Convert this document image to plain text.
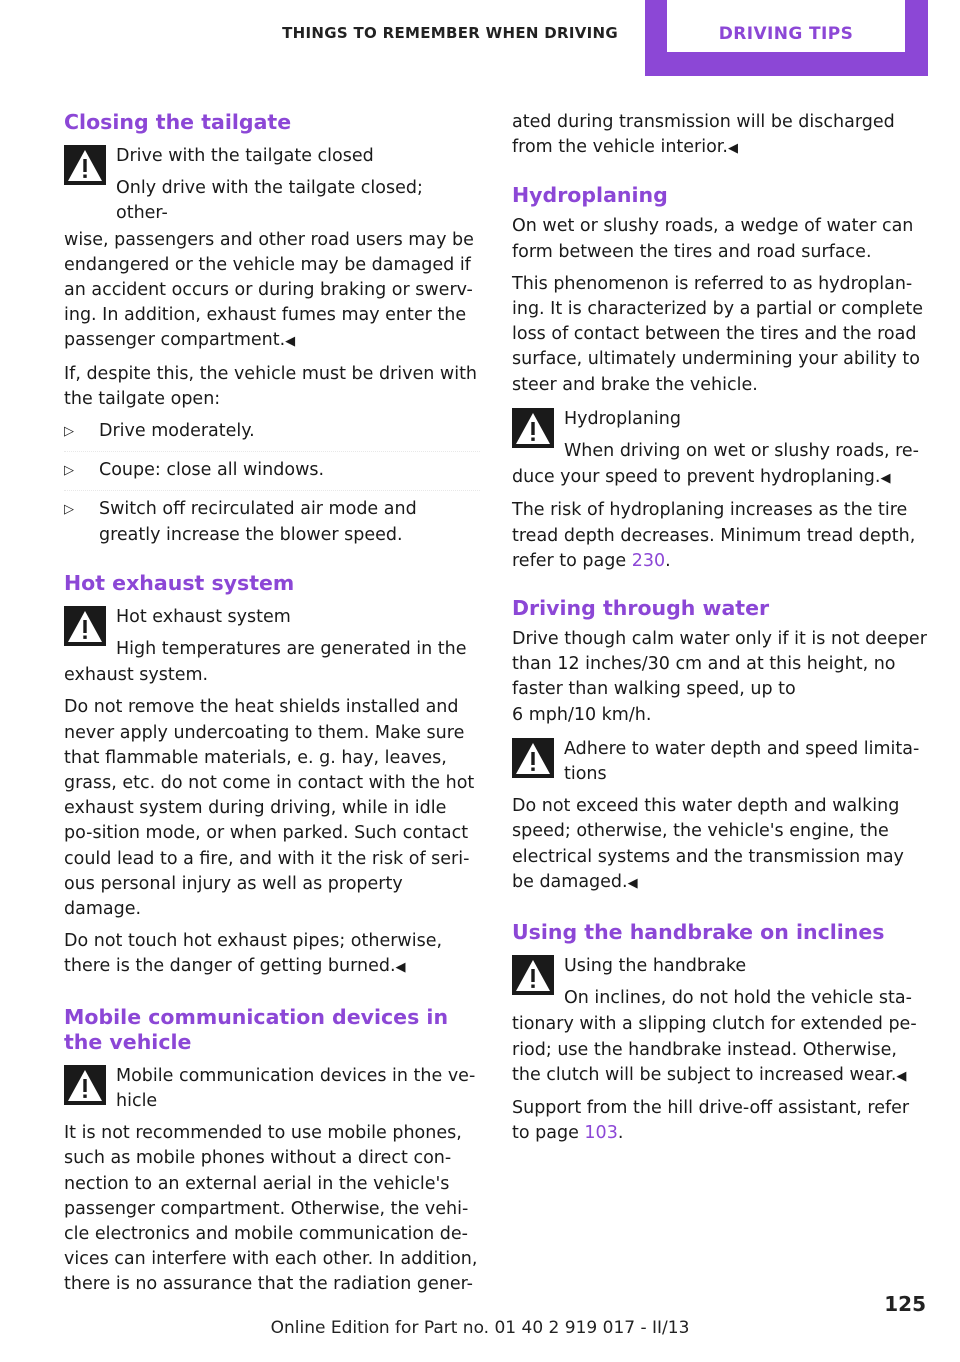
THINGS TO REMEMBER WHEN DRIVING	DRIVING TIPS
Closing the tailgate
Drive with the tailgate closed
Only drive with the tailgate closed; other-

wise, passengers and other road users may be endangered or the vehicle may be damaged if an accident occurs or during braking or swerv-ing. In addition, exhaust fumes may enter the passenger compartment.◀

If, despite this, the vehicle must be driven with the tailgate open:

▷ Drive moderately.
▷ Coupe: close all windows.
▷ Switch off recirculated air mode and greatly increase the blower speed.
Hot exhaust system
Hot exhaust system
High temperatures are generated in the

exhaust system.

Do not remove the heat shields installed and never apply undercoating to them. Make sure that flammable materials, e. g. hay, leaves, grass, etc. do not come in contact with the hot exhaust system during driving, while in idle po-sition mode, or when parked. Such contact could lead to a fire, and with it the risk of seri-ous personal injury as well as property damage.

Do not touch hot exhaust pipes; otherwise, there is the danger of getting burned.◀

Mobile communication devices in the vehicle
Mobile communication devices in the ve-hicle

It is not recommended to use mobile phones, such as mobile phones without a direct con-nection to an external aerial in the vehicle's passenger compartment. Otherwise, the vehi-cle electronics and mobile communication de-vices can interfere with each other. In addition, there is no assurance that the radiation gener-

ated during transmission will be discharged from the vehicle interior.◀

Hydroplaning

On wet or slushy roads, a wedge of water can form between the tires and road surface.

This phenomenon is referred to as hydroplan-ing. It is characterized by a partial or complete loss of contact between the tires and the road surface, ultimately undermining your ability to steer and brake the vehicle.

Hydroplaning
When driving on wet or slushy roads, re-

duce your speed to prevent hydroplaning.◀

The risk of hydroplaning increases as the tire tread depth decreases. Minimum tread depth, refer to page 230.

Driving through water

Drive though calm water only if it is not deeper than 12 inches/30 cm and at this height, no faster than walking speed, up to
6 mph/10 km/h.

Adhere to water depth and speed limita-tions

Do not exceed this water depth and walking speed; otherwise, the vehicle's engine, the electrical systems and the transmission may be damaged.◀

Using the handbrake on inclines
Using the handbrake
On inclines, do not hold the vehicle sta-

tionary with a slipping clutch for extended pe-riod; use the handbrake instead. Otherwise, the clutch will be subject to increased wear.◀

Support from the hill drive-off assistant, refer to page 103.

125
Online Edition for Part no. 01 40 2 919 017 - II/13
